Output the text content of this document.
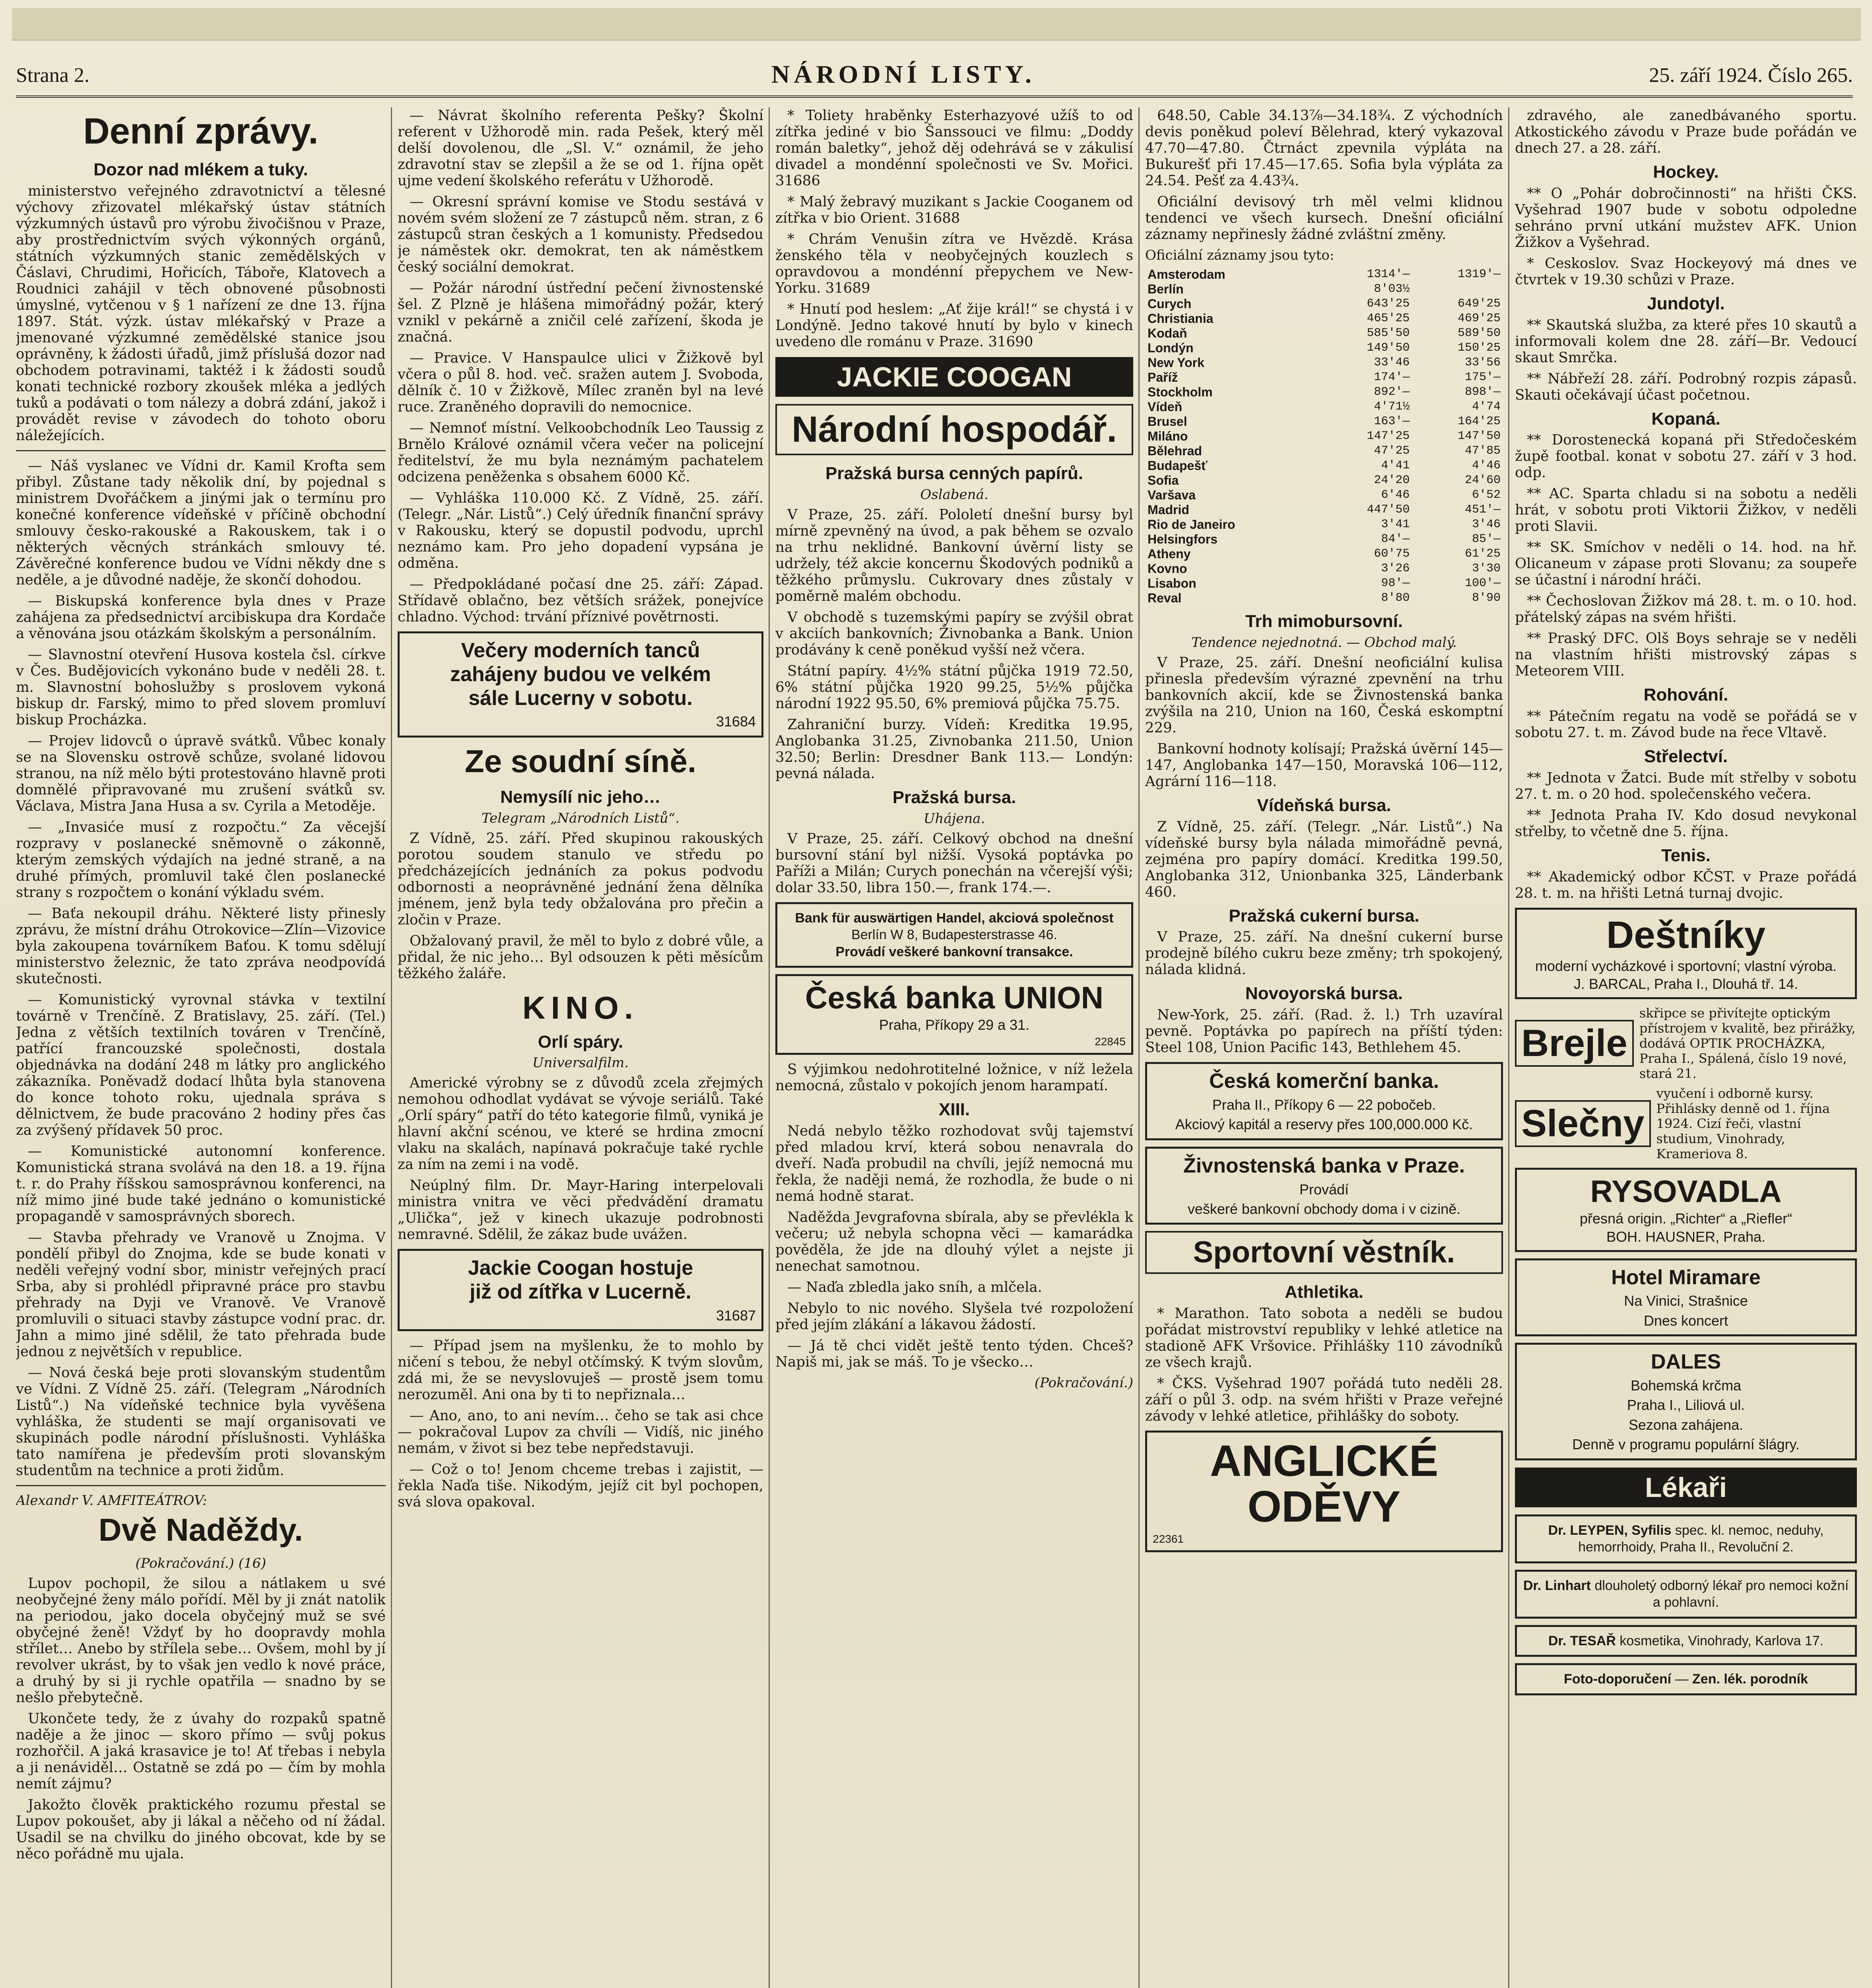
Strana 2.	NÁRODNÍ LISTY.	25. září 1924. Číslo 265.
Denní zprávy.
Dozor nad mlékem a tuky.

ministerstvo veřejného zdravotnictví a tělesné výchovy zřizovatel mlékařský ústav státních výzkumných ústavů pro výrobu živočišnou v Praze, aby prostřednictvím svých výkonných orgánů, státních výzkumných stanic zemědělských v Čáslavi, Chrudimi, Hořicích, Táboře, Klatovech a Roudnici zahájil v těch obnovené působnosti úmyslné, vytčenou v § 1 nařízení ze dne 13. října 1897. Stát. výzk. ústav mlékařský v Praze a jmenované výzkumné zemědělské stanice jsou oprávněny, k žádosti úřadů, jimž příslušá dozor nad obchodem potravinami, taktéž i k žádosti soudů konati technické rozbory zkoušek mléka a jedlých tuků a podávati o tom nálezy a dobrá zdání, jakož i provádět revise v závodech do tohoto oboru náležejících.

— Náš vyslanec ve Vídni dr. Kamil Krofta sem přibyl. Zůstane tady několik dní, by pojednal s ministrem Dvořáčkem a jinými jak o termínu pro konečné konference vídeňské v příčině obchodní smlouvy česko-rakouské a Rakouskem, tak i o některých věcných stránkách smlouvy té. Závěrečné konference budou ve Vídni někdy dne s neděle, a je důvodné naděje, že skončí dohodou.

— Biskupská konference byla dnes v Praze zahájena za předsednictví arcibiskupa dra Kordače a věnována jsou otázkám školským a personálním.

— Slavnostní otevření Husova kostela čsl. církve v Čes. Budějovicích vykonáno bude v neděli 28. t. m. Slavnostní bohoslužby s proslovem vykoná biskup dr. Farský, mimo to před slovem promluví biskup Procházka.

— Projev lidovců o úpravě svátků. Vůbec konaly se na Slovensku ostrově schůze, svolané lidovou stranou, na níž mělo býti protestováno hlavně proti domnělé připravované mu zrušení svátků sv. Václava, Mistra Jana Husa a sv. Cyrila a Metoděje.

— „Invasiće musí z rozpočtu.“ Za věcejší rozpravy v poslanecké sněmovně o zákonně, kterým zemských výdajích na jedné straně, a na druhé přímých, promluvil také člen poslanecké strany s rozpočtem o konání výkladu svém.

— Baťa nekoupil dráhu. Některé listy přinesly zprávu, že místní dráhu Otrokovice—Zlín—Vizovice byla zakoupena továrníkem Baťou. K tomu sdělují ministerstvo železnic, že tato zpráva neodpovídá skutečnosti.

— Komunistický vyrovnal stávka v textilní továrně v Trenčíně. Z Bratislavy, 25. září. (Tel.) Jedna z větších textilních továren v Trenčíně, patřící francouzské společnosti, dostala objednávka na dodání 248 m látky pro anglického zákazníka. Poněvadž dodací lhůta byla stanovena do konce tohoto roku, ujednala správa s dělnictvem, že bude pracováno 2 hodiny přes čas za zvýšený přídavek 50 proc.

— Komunistické autonomní konference. Komunistická strana svolává na den 18. a 19. října t. r. do Prahy říšskou samosprávnou konferenci, na níž mimo jiné bude také jednáno o komunistické propagandě v samosprávných sborech.

— Stavba přehrady ve Vranově u Znojma. V pondělí přibyl do Znojma, kde se bude konati v neděli veřejný vodní sbor, ministr veřejných prací Srba, aby si prohlédl připravné práce pro stavbu přehrady na Dyji ve Vranově. Ve Vranově promluvili o situaci stavby zástupce vodní prac. dr. Jahn a mimo jiné sdělil, že tato přehrada bude jednou z největších v republice.

— Nová česká beje proti slovanským studentům ve Vídni. Z Vídně 25. září. (Telegram „Národních Listů“.) Na vídeňské technice byla vyvěšena vyhláška, že studenti se mají organisovati ve skupinách podle národní příslušnosti. Vyhláška tato namířena je především proti slovanským studentům na technice a proti židům.

Alexandr V. AMFITEÁTROV:
Dvě Naděždy.
(Pokračování.) (16)

Lupov pochopil, že silou a nátlakem u své neobyčejné ženy málo pořídí. Měl by ji znát natolik na periodou, jako docela obyčejný muž se své obyčejné ženě! Vždyť by ho doopravdy mohla střílet… Anebo by střílela sebe… Ovšem, mohl by jí revolver ukrást, by to však jen vedlo k nové práce, a druhý by si ji rychle opatřila — snadno by se nešlo přebytečně.

Ukončete tedy, že z úvahy do rozpaků spatně naděje a že jinoc — skoro přímo — svůj pokus rozhořčil. A jaká krasavice je to! Ať třebas i nebyla a ji nenáviděl… Ostatně se zdá po — čím by mohla nemít zájmu?

Jakožto člověk praktického rozumu přestal se Lupov pokoušet, aby ji lákal a něčeho od ní žádal. Usadil se na chvilku do jiného obcovat, kde by se něco pořádně mu ujala.

— Návrat školního referenta Pešky? Školní referent v Užhorodě min. rada Pešek, který měl delší dovolenou, dle „Sl. V.“ oznámil, že jeho zdravotní stav se zlepšil a že se od 1. října opět ujme vedení školského referátu v Užhorodě.

— Okresní správní komise ve Stodu sestává v novém svém složení ze 7 zástupců něm. stran, z 6 zástupců stran českých a 1 komunisty. Předsedou je náměstek okr. demokrat, ten ak náměstkem český sociální demokrat.

— Požár národní ústřední pečení živnostenské šel. Z Plzně je hlášena mimořádný požár, který vznikl v pekárně a zničil celé zařízení, škoda je značná.

— Pravice. V Hanspaulce ulici v Žižkově byl včera o půl 8. hod. več. sražen autem J. Svoboda, dělník č. 10 v Žižkově, Mílec zraněn byl na levé ruce. Zraněného dopravili do nemocnice.

— Nemnoť místní. Velkoobchodník Leo Taussig z Brnělo Králové oznámil včera večer na policejní ředitelství, že mu byla neznámým pachatelem odcizena peněženka s obsahem 6000 Kč.

— Vyhláška 110.000 Kč. Z Vídně, 25. září. (Telegr. „Nár. Listů“.) Celý úředník finanční správy v Rakousku, který se dopustil podvodu, uprchl neznámo kam. Pro jeho dopadení vypsána je odměna.

— Předpokládané počasí dne 25. září: Západ. Střídavě oblačno, bez větších srážek, ponejvíce chladno. Východ: trvání příznivé povětrnosti.

Večery moderních tanců
zahájeny budou ve velkém
sále Lucerny v sobotu.
31684
Ze soudní síně.
Nemysílí nic jeho…
Telegram „Národních Listů“.

Z Vídně, 25. září. Před skupinou rakouských porotou soudem stanulo ve středu po předcházejících jednáních za pokus podvodu odbornosti a neoprávněné jednání žena dělníka jménem, jenž byla tedy obžalována pro přečin a zločin v Praze.

Obžalovaný pravil, že měl to bylo z dobré vůle, a přidal, že nic jeho… Byl odsouzen k pěti měsícům těžkého žaláře.

KINO.
Orlí spáry.
Universalfilm.

Americké výrobny se z důvodů zcela zřejmých nemohou odhodlat vydávat se vývoje seriálů. Také „Orlí spáry“ patří do této kategorie filmů, vyniká je hlavní akční scénou, ve které se hrdina zmocní vlaku na skalách, napínavá pokračuje také rychle za ním na zemi i na vodě.

Neúplný film. Dr. Mayr-Haring interpelovali ministra vnitra ve věci předvádění dramatu „Ulička“, jež v kinech ukazuje podrobnosti nemravné. Sdělil, že zákaz bude uvážen.

Jackie Coogan hostuje
již od zítřka v Lucerně.
31687

— Případ jsem na myšlenku, že to mohlo by ničení s tebou, že nebyl otčímský. K tvým slovům, zdá mi, že se nevyslovuješ — prostě jsem tomu nerozuměl. Ani ona by ti to nepřiznala…

— Ano, ano, to ani nevím… čeho se tak asi chce — pokračoval Lupov za chvíli — Vidíš, nic jiného nemám, v život si bez tebe nepředstavuji.

— Což o to! Jenom chceme trebas i zajistit, — řekla Naďa tiše. Nikodým, jejíž cit byl pochopen, svá slova opakoval.

* Toliety hraběnky Esterhazyové užíš to od zítřka jediné v bio Šanssouci ve filmu: „Doddy román baletky“, jehož děj odehrává se v zákulisí divadel a mondénní společnosti ve Sv. Mořici. 31686

* Malý žebravý muzikant s Jackie Cooganem od zítřka v bio Orient. 31688

* Chrám Venušin zítra ve Hvězdě. Krása ženského těla v neobyčejných kouzlech s opravdovou a mondénní přepychem ve New-Yorku. 31689

* Hnutí pod heslem: „Ať žije král!“ se chystá i v Londýně. Jedno takové hnutí by bylo v kinech uvedeno dle románu v Praze. 31690

JACKIE COOGAN
Národní hospodář.
Pražská bursa cenných papírů.
Oslabená.

V Praze, 25. září. Pololetí dnešní bursy byl mírně zpevněný na úvod, a pak během se ozvalo na trhu neklidné. Bankovní úvěrní listy se udržely, též akcie koncernu Škodových podniků a těžkého průmyslu. Cukrovary dnes zůstaly v poměrně malém obchodu.

V obchodě s tuzemskými papíry se zvýšil obrat v akciích bankovních; Živnobanka a Bank. Union prodávány k ceně poněkud vyšší než včera.

Státní papíry. 4½% státní půjčka 1919 72.50, 6% státní půjčka 1920 99.25, 5½% půjčka národní 1922 95.50, 6% premiová půjčka 75.75.

Zahraniční burzy. Vídeň: Kreditka 19.95, Anglobanka 31.25, Zivnobanka 211.50, Union 32.50; Berlin: Dresdner Bank 113.— Londýn: pevná nálada.

Pražská bursa.
Uhájena.

V Praze, 25. září. Celkový obchod na dnešní bursovní stání byl nižší. Vysoká poptávka po Paříži a Milán; Curych ponechán na včerejší výši; dolar 33.50, libra 150.—, frank 174.—.

Bank für auswärtigen Handel, akciová společnost
Berlín W 8, Budapesterstrasse 46.
Provádí veškeré bankovní transakce.
Česká banka UNION
Praha, Příkopy 29 a 31.
22845

S výjimkou nedohrotitelné ložnice, v níž ležela nemocná, zůstalo v pokojích jenom harampatí.

XIII.

Nedá nebylo těžko rozhodovat svůj tajemství před mladou krví, která sobou nenavrala do dveří. Naďa probudil na chvíli, jejíž nemocná mu řekla, že naději nemá, že rozhodla, že bude o ni nemá hodně starat.

Naděžda Jevgrafovna sbírala, aby se převlékla k večeru; už nebyla schopna věci — kamarádka pověděla, že jde na dlouhý výlet a nejste ji nenechat samotnou.

— Naďa zbledla jako sníh, a mlčela.

Nebylo to nic nového. Slyšela tvé rozpoložení před jejím zlákání a lákavou žádostí.

— Já tě chci vidět ještě tento týden. Chceš? Napiš mi, jak se máš. To je všecko…

(Pokračování.)

648.50, Cable 34.13⅞—34.18¾. Z východních devis poněkud poleví Bělehrad, který vykazoval 47.70—47.80. Čtrnáct zpevnila výpláta na Bukurešť při 17.45—17.65. Sofia byla výpláta za 24.54. Pešť za 4.43¾.

Oficiální devisový trh měl velmi klidnou tendenci ve všech kursech. Dnešní oficiální záznamy nepřinesly žádné zvláštní změny.

Oficiální záznamy jsou tyto:
Amsterodam	1314'—	1319'—
Berlín	8'03½	
Curych	643'25	649'25
Christiania	465'25	469'25
Kodaň	585'50	589'50
Londýn	149'50	150'25
New York	33'46	33'56
Paříž	174'—	175'—
Stockholm	892'—	898'—
Vídeň	4'71½	4'74
Brusel	163'—	164'25
Miláno	147'25	147'50
Bělehrad	47'25	47'85
Budapešť	4'41	4'46
Sofia	24'20	24'60
Varšava	6'46	6'52
Madrid	447'50	451'—
Rio de Janeiro	3'41	3'46
Helsingfors	84'—	85'—
Atheny	60'75	61'25
Kovno	3'26	3'30
Lisabon	98'—	100'—
Reval	8'80	8'90
Trh mimobursovní.
Tendence nejednotná. — Obchod malý.

V Praze, 25. září. Dnešní neoficiální kulisa přinesla především výrazné zpevnění na trhu bankovních akcií, kde se Živnostenská banka zvýšila na 210, Union na 160, Česká eskomptní 229.

Bankovní hodnoty kolísají; Pražská úvěrní 145—147, Anglobanka 147—150, Moravská 106—112, Agrární 116—118.

Vídeňská bursa.

Z Vídně, 25. září. (Telegr. „Nár. Listů“.) Na vídeňské bursy byla nálada mimořádně pevná, zejména pro papíry domácí. Kreditka 199.50, Anglobanka 312, Unionbanka 325, Länderbank 460.

Pražská cukerní bursa.

V Praze, 25. září. Na dnešní cukerní burse prodejně bílého cukru beze změny; trh spokojený, nálada klidná.

Novoyorská bursa.

New-York, 25. září. (Rad. ž. l.) Trh uzavíral pevně. Poptávka po papírech na příští týden: Steel 108, Union Pacific 143, Bethlehem 45.

Česká komerční banka.
Praha II., Příkopy 6 — 22 pobočeb.
Akciový kapitál a reservy přes 100,000.000 Kč.
Živnostenská banka v Praze.
Provádí
veškeré bankovní obchody doma i v cizině.
Sportovní věstník.
Athletika.

* Marathon. Tato sobota a neděli se budou pořádat mistrovství republiky v lehké atletice na stadioně AFK Vršovice. Přihlášky 110 závodníků ze všech krajů.

* ČKS. Vyšehrad 1907 pořádá tuto neděli 28. září o půl 3. odp. na svém hřišti v Praze veřejné závody v lehké atletice, přihlášky do soboty.

ANGLICKÉ
ODĚVY
22361

zdravého, ale zanedbávaného sportu. Atkostického závodu v Praze bude pořádán ve dnech 27. a 28. září.

Hockey.

** O „Pohár dobročinnosti“ na hřišti ČKS. Vyšehrad 1907 bude v sobotu odpoledne sehráno první utkání mužstev AFK. Union Žižkov a Vyšehrad.

* Ceskoslov. Svaz Hockeyový má dnes ve čtvrtek v 19.30 schůzi v Praze.

Jundotyl.

** Skautská služba, za které přes 10 skautů a informovali kolem dne 28. září—Br. Vedoucí skaut Smrčka.

** Nábřeží 28. září. Podrobný rozpis zápasů. Skauti očekávají účast početnou.

Kopaná.

** Dorostenecká kopaná při Středočeském župě footbal. konat v sobotu 27. září v 3 hod. odp.

** AC. Sparta chladu si na sobotu a neděli hrát, v sobotu proti Viktorii Žižkov, v neděli proti Slavii.

** SK. Smíchov v neděli o 14. hod. na hř. Olicaneum v zápase proti Slovanu; za soupeře se účastní i národní hráči.

** Čechoslovan Žižkov má 28. t. m. o 10. hod. přátelský zápas na svém hřišti.

** Praský DFC. Olš Boys sehraje se v neděli na vlastním hřišti mistrovský zápas s Meteorem VIII.

Rohování.

** Pátečním regatu na vodě se pořádá se v sobotu 27. t. m. Závod bude na řece Vltavě.

Střelectví.

** Jednota v Žatci. Bude mít střelby v sobotu 27. t. m. o 20 hod. společenského večera.

** Jednota Praha IV. Kdo dosud nevykonal střelby, to včetně dne 5. října.

Tenis.

** Akademický odbor KČST. v Praze pořádá 28. t. m. na hřišti Letná turnaj dvojic.

Deštníky
moderní vycházkové i sportovní; vlastní výroba.
J. BARCAL, Praha I., Dlouhá tř. 14.
Brejle
skřipce se přivítejte optickým přístrojem v kvalitě, bez přirážky, dodává OPTIK PROCHÁZKA, Praha I., Spálená, číslo 19 nové, stará 21.
Slečny
vyučení i odborně kursy. Přihlásky denně od 1. října 1924. Cizí řeči, vlastní studium, Vinohrady, Krameriova 8.
RYSOVADLA
přesná origin. „Richter“ a „Riefler“
BOH. HAUSNER, Praha.
Hotel Miramare
Na Vinici, Strašnice
Dnes koncert
DALES
Bohemská krčma
Praha I., Liliová ul.
Sezona zahájena.
Denně v programu populární šlágry.
Lékaři
Dr. LEYPEN, Syfilis spec. kl. nemoc, neduhy, hemorrhoidy, Praha II., Revoluční 2.
Dr. Linhart dlouholetý odborný lékař pro nemoci kožní a pohlavní.
Dr. TESAŘ kosmetika, Vinohrady, Karlova 17.
Foto-doporučení — Zen. lék. porodník
